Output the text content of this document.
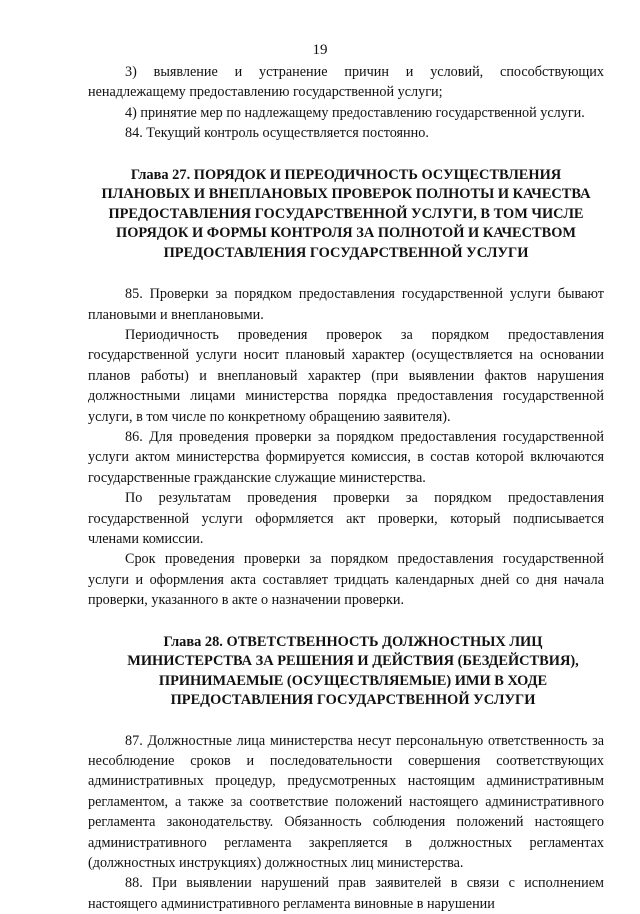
19

3) выявление и устранение причин и условий, способствующих ненадлежащему предоставлению государственной услуги;

4) принятие мер по надлежащему предоставлению государственной услуги.

84. Текущий контроль осуществляется постоянно.

Глава 27. ПОРЯДОК И ПЕРЕОДИЧНОСТЬ ОСУЩЕСТВЛЕНИЯ ПЛАНОВЫХ И ВНЕПЛАНОВЫХ ПРОВЕРОК ПОЛНОТЫ И КАЧЕСТВА ПРЕДОСТАВЛЕНИЯ ГОСУДАРСТВЕННОЙ УСЛУГИ, В ТОМ ЧИСЛЕ ПОРЯДОК И ФОРМЫ КОНТРОЛЯ ЗА ПОЛНОТОЙ И КАЧЕСТВОМ ПРЕДОСТАВЛЕНИЯ ГОСУДАРСТВЕННОЙ УСЛУГИ

85. Проверки за порядком предоставления государственной услуги бывают плановыми и внеплановыми.

Периодичность проведения проверок за порядком предоставления государственной услуги носит плановый характер (осуществляется на основании планов работы) и внеплановый характер (при выявлении фактов нарушения должностными лицами министерства порядка предоставления государственной услуги, в том числе по конкретному обращению заявителя).

86. Для проведения проверки за порядком предоставления государственной услуги актом министерства формируется комиссия, в состав которой включаются государственные гражданские служащие министерства.

По результатам проведения проверки за порядком предоставления государственной услуги оформляется акт проверки, который подписывается членами комиссии.

Срок проведения проверки за порядком предоставления государственной услуги и оформления акта составляет тридцать календарных дней со дня начала проверки, указанного в акте о назначении проверки.

Глава 28. ОТВЕТСТВЕННОСТЬ ДОЛЖНОСТНЫХ ЛИЦ МИНИСТЕРСТВА ЗА РЕШЕНИЯ И ДЕЙСТВИЯ (БЕЗДЕЙСТВИЯ), ПРИНИМАЕМЫЕ (ОСУЩЕСТВЛЯЕМЫЕ) ИМИ В ХОДЕ ПРЕДОСТАВЛЕНИЯ ГОСУДАРСТВЕННОЙ УСЛУГИ

87. Должностные лица министерства несут персональную ответственность за несоблюдение сроков и последовательности совершения соответствующих административных процедур, предусмотренных настоящим административным регламентом, а также за соответствие положений настоящего административного регламента законодательству. Обязанность соблюдения положений настоящего административного регламента закрепляется в должностных регламентах (должностных инструкциях) должностных лиц министерства.

88. При выявлении нарушений прав заявителей в связи с исполнением настоящего административного регламента виновные в нарушении
